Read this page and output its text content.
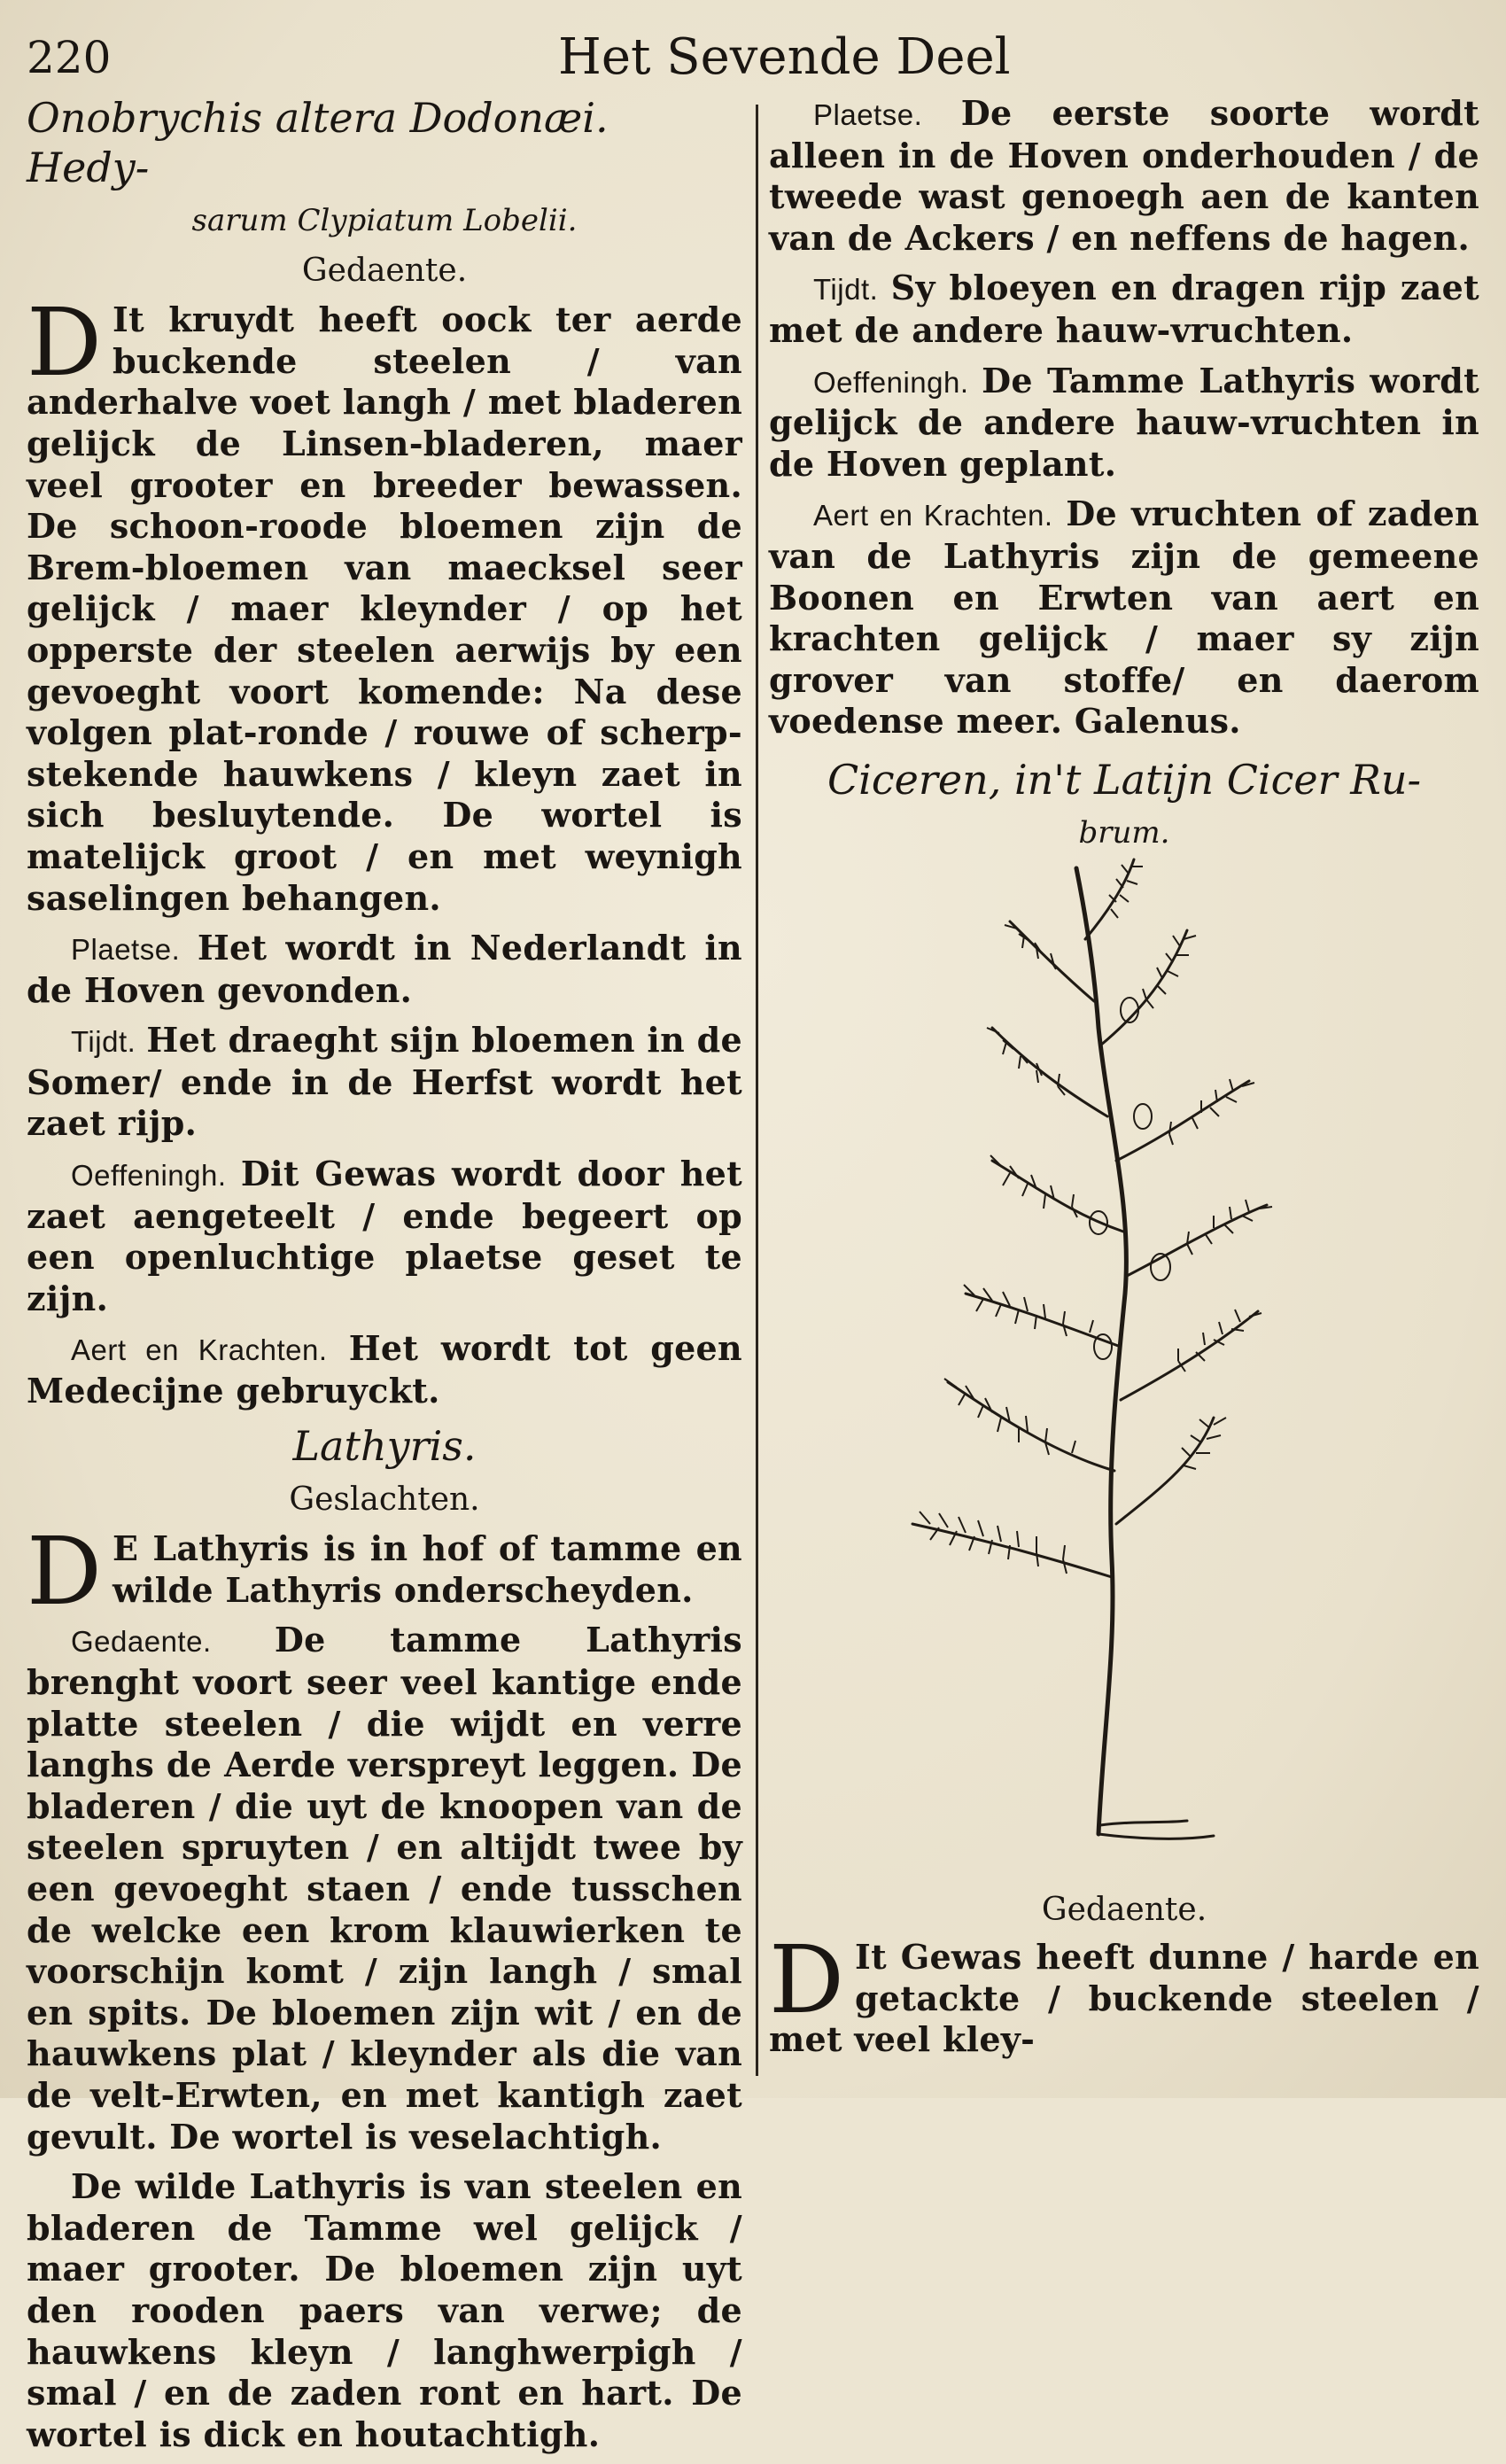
220	Het Sevende Deel

Onobrychis altera Dodonæi. Hedy-

sarum Clypiatum Lobelii.

Gedaente.

D It kruydt heeft oock ter aerde buckende steelen / van anderhalve voet langh / met bladeren gelijck de Linsen-bladeren, maer veel grooter en breeder bewassen. De schoon-roode bloemen zijn de Brem-bloemen van maecksel seer gelijck / maer kleynder / op het opperste der steelen aerwijs by een gevoeght voort komende: Na dese volgen plat-ronde / rouwe of scherp-stekende hauwkens / kleyn zaet in sich besluytende. De wortel is matelijck groot / en met weynigh saselingen behangen.

Plaetse. Het wordt in Nederlandt in de Hoven gevonden.

Tijdt. Het draeght sijn bloemen in de Somer/ ende in de Herfst wordt het zaet rijp.

Oeffeningh. Dit Gewas wordt door het zaet aengeteelt / ende begeert op een openluchtige plaetse geset te zijn.

Aert en Krachten. Het wordt tot geen Medecijne gebruyckt.

Lathyris.

Geslachten.

D E Lathyris is in hof of tamme en wilde Lathyris onderscheyden.

Gedaente. De tamme Lathyris brenght voort seer veel kantige ende platte steelen / die wijdt en verre langhs de Aerde verspreyt leggen. De bladeren / die uyt de knoopen van de steelen spruyten / en altijdt twee by een gevoeght staen / ende tusschen de welcke een krom klauwierken te voorschijn komt / zijn langh / smal en spits. De bloemen zijn wit / en de hauwkens plat / kleynder als die van de velt-Erwten, en met kantigh zaet gevult. De wortel is veselachtigh.

De wilde Lathyris is van steelen en bladeren de Tamme wel gelijck / maer grooter. De bloemen zijn uyt den rooden paers van verwe; de hauwkens kleyn / langhwerpigh / smal / en de zaden ront en hart. De wortel is dick en houtachtigh.

Plaetse. De eerste soorte wordt alleen in de Hoven onderhouden / de tweede wast genoegh aen de kanten van de Ackers / en neffens de hagen.

Tijdt. Sy bloeyen en dragen rijp zaet met de andere hauw-vruchten.

Oeffeningh. De Tamme Lathyris wordt gelijck de andere hauw-vruchten in de Hoven geplant.

Aert en Krachten. De vruchten of zaden van de Lathyris zijn de gemeene Boonen en Erwten van aert en krachten gelijck / maer sy zijn grover van stoffe/ en daerom voedense meer. Galenus.

Ciceren, in't Latijn Cicer Ru-

brum.

Gedaente.

D It Gewas heeft dunne / harde en getackte / buckende steelen / met veel kley-
